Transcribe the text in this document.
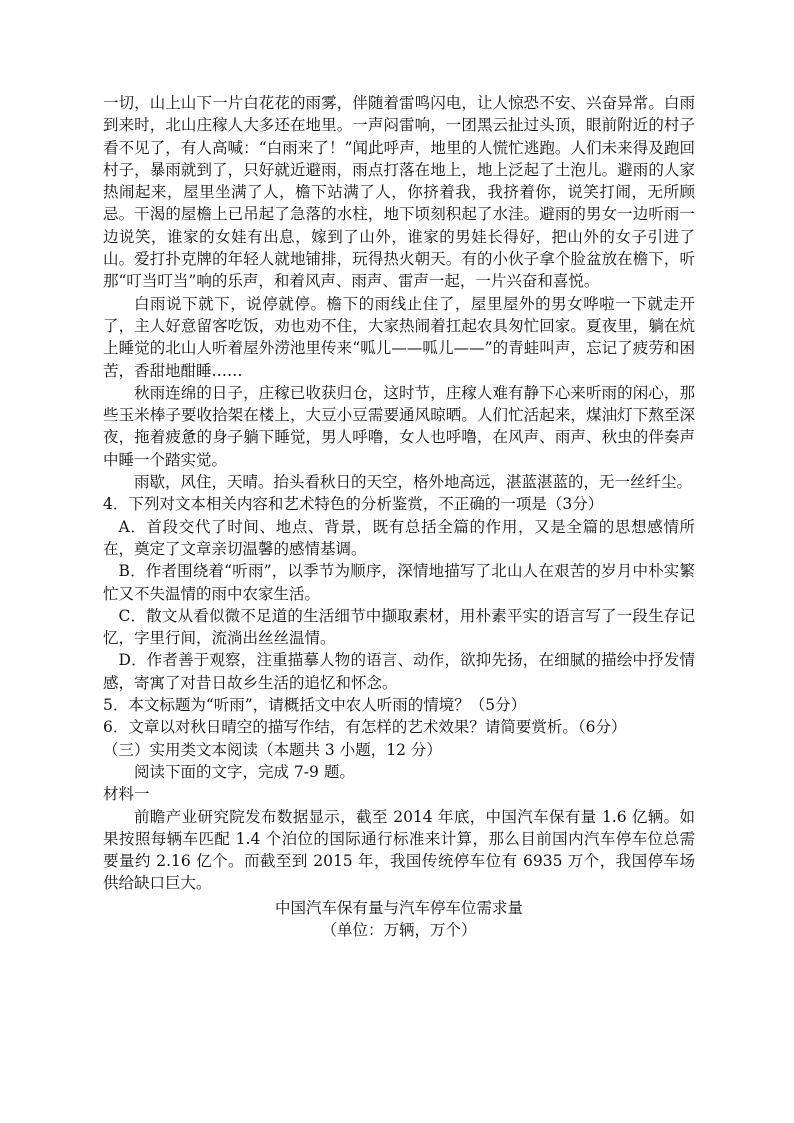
一切，山上山下一片白花花的雨雾，伴随着雷鸣闪电，让人惊恐不安、兴奋异常。白雨到来时，北山庄稼人大多还在地里。一声闷雷响，一团黑云扯过头顶，眼前附近的村子看不见了，有人高喊：“白雨来了！”闻此呼声，地里的人慌忙逃跑。人们未来得及跑回村子，暴雨就到了，只好就近避雨，雨点打落在地上，地上泛起了土泡儿。避雨的人家热闹起来，屋里坐满了人，檐下站满了人，你挤着我，我挤着你，说笑打闹，无所顾忌。干渴的屋檐上已吊起了急落的水柱，地下顷刻积起了水洼。避雨的男女一边听雨一边说笑，谁家的女娃有出息，嫁到了山外，谁家的男娃长得好，把山外的女子引进了山。爱打扑克牌的年轻人就地铺排，玩得热火朝天。有的小伙子拿个脸盆放在檐下，听那“叮当叮当”响的乐声，和着风声、雨声、雷声一起，一片兴奋和喜悦。

白雨说下就下，说停就停。檐下的雨线止住了，屋里屋外的男女哗啦一下就走开了，主人好意留客吃饭，劝也劝不住，大家热闹着扛起农具匆忙回家。夏夜里，躺在炕上睡觉的北山人听着屋外涝池里传来“呱儿——呱儿——”的青蛙叫声，忘记了疲劳和困苦，香甜地酣睡……

秋雨连绵的日子，庄稼已收获归仓，这时节，庄稼人难有静下心来听雨的闲心，那些玉米棒子要收拾架在楼上，大豆小豆需要通风晾晒。人们忙活起来，煤油灯下熬至深夜，拖着疲惫的身子躺下睡觉，男人呼噜，女人也呼噜，在风声、雨声、秋虫的伴奏声中睡一个踏实觉。

雨歇，风住，天晴。抬头看秋日的天空，格外地高远，湛蓝湛蓝的，无一丝纤尘。

4．下列对文本相关内容和艺术特色的分析鉴赏，不正确的一项是（3分）

A．首段交代了时间、地点、背景，既有总括全篇的作用，又是全篇的思想感情所在，奠定了文章亲切温馨的感情基调。

B．作者围绕着“听雨”，以季节为顺序，深情地描写了北山人在艰苦的岁月中朴实繁忙又不失温情的雨中农家生活。

C．散文从看似微不足道的生活细节中撷取素材，用朴素平实的语言写了一段生存记忆，字里行间，流淌出丝丝温情。

D．作者善于观察，注重描摹人物的语言、动作，欲抑先扬，在细腻的描绘中抒发情感，寄寓了对昔日故乡生活的追忆和怀念。

5．本文标题为“听雨”，请概括文中农人听雨的情境？（5分）

6．文章以对秋日晴空的描写作结，有怎样的艺术效果？请简要赏析。（6分）

（三）实用类文本阅读（本题共 3 小题，12 分）

阅读下面的文字，完成 7-9 题。

材料一

前瞻产业研究院发布数据显示，截至 2014 年底，中国汽车保有量 1.6 亿辆。如果按照每辆车匹配 1.4 个泊位的国际通行标准来计算，那么目前国内汽车停车位总需要量约 2.16 亿个。而截至到 2015 年，我国传统停车位有 6935 万个，我国停车场供给缺口巨大。

中国汽车保有量与汽车停车位需求量

（单位：万辆，万个）
